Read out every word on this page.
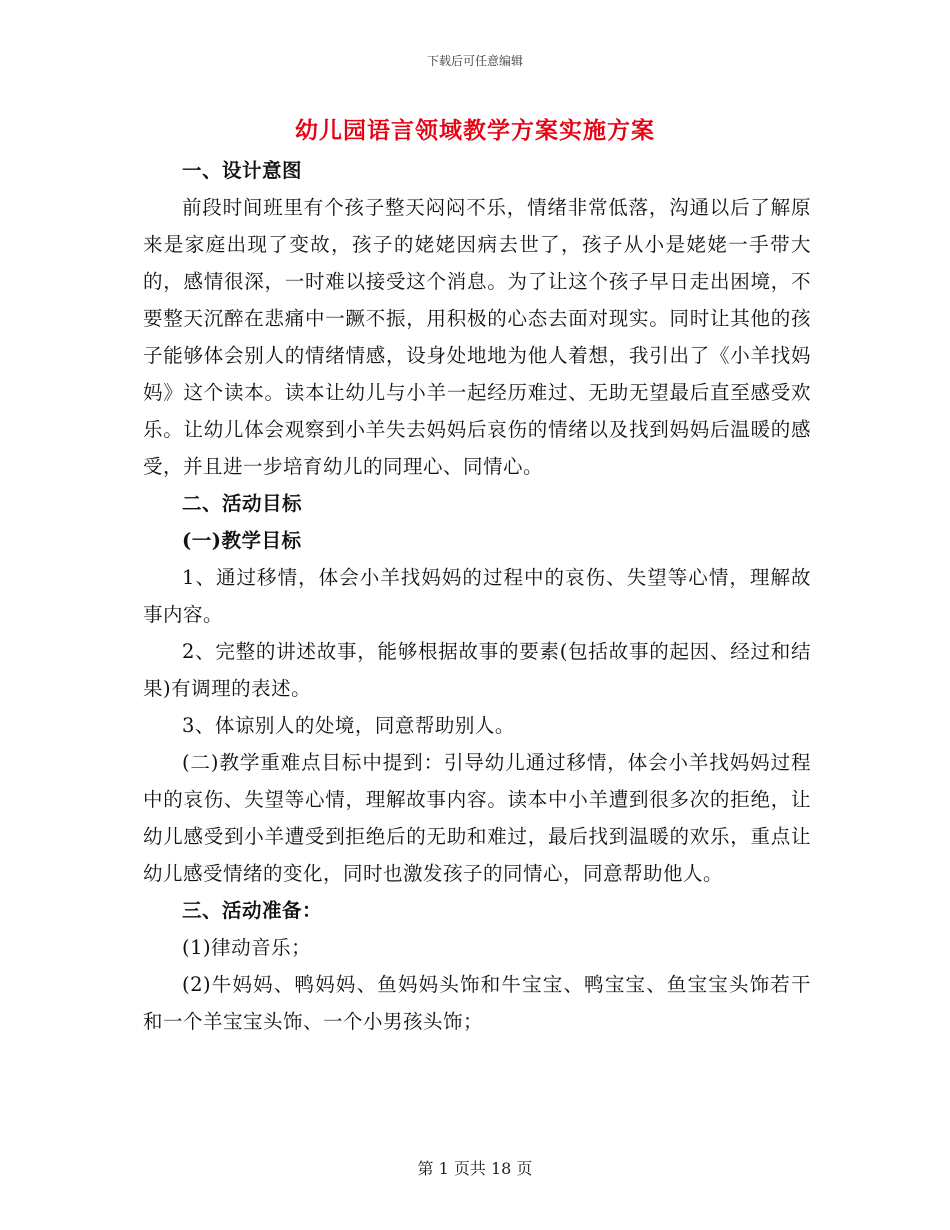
下载后可任意编辑
幼儿园语言领域教学方案实施方案

一、设计意图

前段时间班里有个孩子整天闷闷不乐，情绪非常低落，沟通以后了解原来是家庭出现了变故，孩子的姥姥因病去世了，孩子从小是姥姥一手带大的，感情很深，一时难以接受这个消息。为了让这个孩子早日走出困境，不要整天沉醉在悲痛中一蹶不振，用积极的心态去面对现实。同时让其他的孩子能够体会别人的情绪情感，设身处地地为他人着想，我引出了《小羊找妈妈》这个读本。读本让幼儿与小羊一起经历难过、无助无望最后直至感受欢乐。让幼儿体会观察到小羊失去妈妈后哀伤的情绪以及找到妈妈后温暖的感受，并且进一步培育幼儿的同理心、同情心。

二、活动目标

(一)教学目标

1、通过移情，体会小羊找妈妈的过程中的哀伤、失望等心情，理解故事内容。

2、完整的讲述故事，能够根据故事的要素(包括故事的起因、经过和结果)有调理的表述。

3、体谅别人的处境，同意帮助别人。

(二)教学重难点目标中提到：引导幼儿通过移情，体会小羊找妈妈过程中的哀伤、失望等心情，理解故事内容。读本中小羊遭到很多次的拒绝，让幼儿感受到小羊遭受到拒绝后的无助和难过，最后找到温暖的欢乐，重点让幼儿感受情绪的变化，同时也激发孩子的同情心，同意帮助他人。

三、活动准备：

(1)律动音乐；

(2)牛妈妈、鸭妈妈、鱼妈妈头饰和牛宝宝、鸭宝宝、鱼宝宝头饰若干和一个羊宝宝头饰、一个小男孩头饰；

第 1 页共 18 页
